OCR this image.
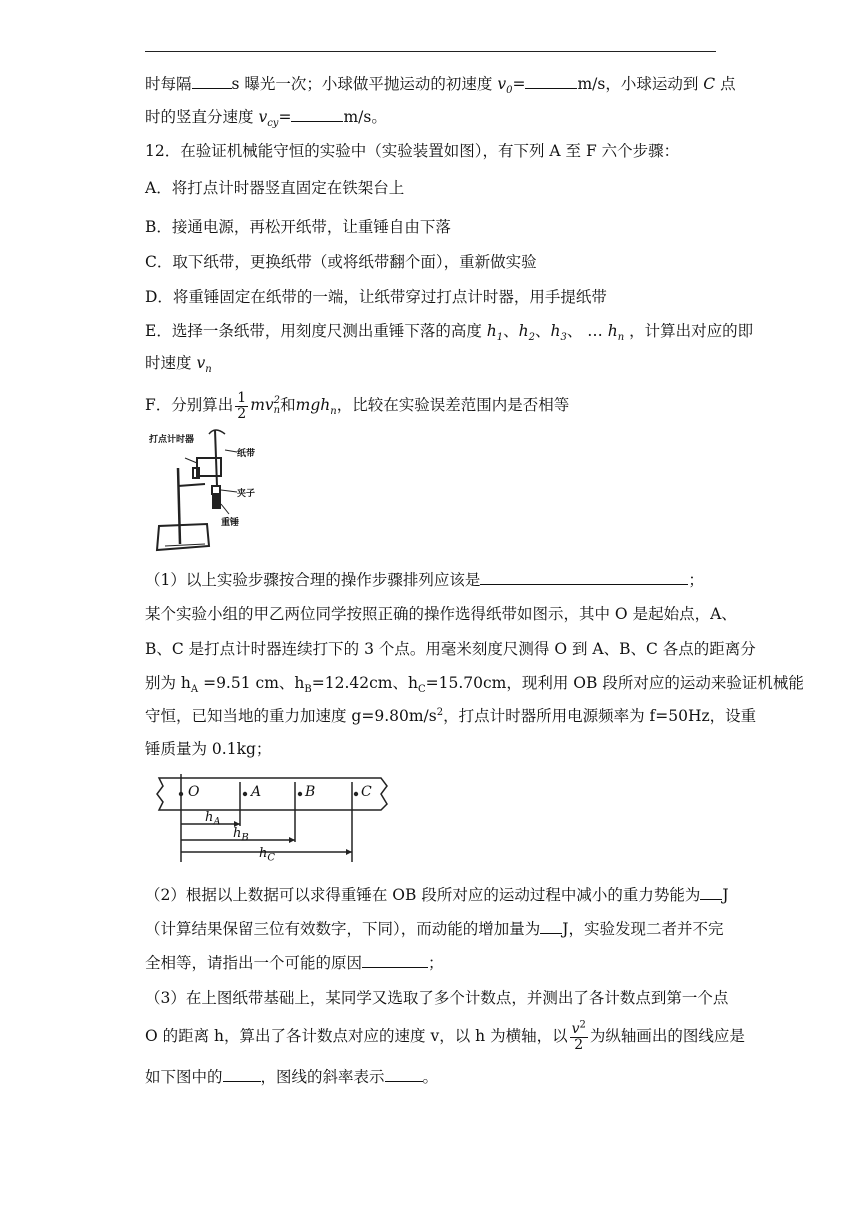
时每隔	s 曝光一次；小球做平抛运动的初速度 $v_0=$	m/s，小球运动到 C 点
时的竖直分速度 $v_{cy}=$	m/s。
12．在验证机械能守恒的实验中（实验装置如图），有下列 A 至 F 六个步骤：
A．将打点计时器竖直固定在铁架台上
B．接通电源，再松开纸带，让重锤自由下落
C．取下纸带，更换纸带（或将纸带翻个面），重新做实验
D．将重锤固定在纸带的一端，让纸带穿过打点计时器，用手提纸带
E．选择一条纸带，用刻度尺测出重锤下落的高度 $h_1$、$h_2$、$h_3$、 … $h_n$ ，计算出对应的即
时速度 $v_n$
F．分别算出 $\frac{1}{2}$ mv 2
n 和mgh$_n$，比较在实验误差范围内是否相等
打点计时器
纸带
夹子
重锤
（1）以上实验步骤按合理的操作步骤排列应该是	；
某个实验小组的甲乙两位同学按照正确的操作选得纸带如图示，其中 O 是起始点，A、
B、C 是打点计时器连续打下的 3 个点。用毫米刻度尺测得 O 到 A、B、C 各点的距离分
别为 $h_A =9.51$ cm、$h_B=12.42cm$、$h_C=15.70cm$，现利用 OB 段所对应的运动来验证机械能
守恒，已知当地的重力加速度 $g=9.80m/s^2$，打点计时器所用电源频率为 f=50Hz，设重
锤质量为 0.1kg；
O	A	B	C
$h_A$
$h_B$
$h_C$
（2）根据以上数据可以求得重锤在 OB 段所对应的运动过程中减小的重力势能为 J
（计算结果保留三位有效数字，下同），而动能的增加量为 J，实验发现二者并不完
全相等，请指出一个可能的原因	；
（3）在上图纸带基础上，某同学又选取了多个计数点，并测出了各计数点到第一个点
O 的距离 h，算出了各计数点对应的速度 v，以 h 为横轴，以 $\frac{v^2}{2}$ 为纵轴画出的图线应是
如下图中的 ，图线的斜率表示 。
